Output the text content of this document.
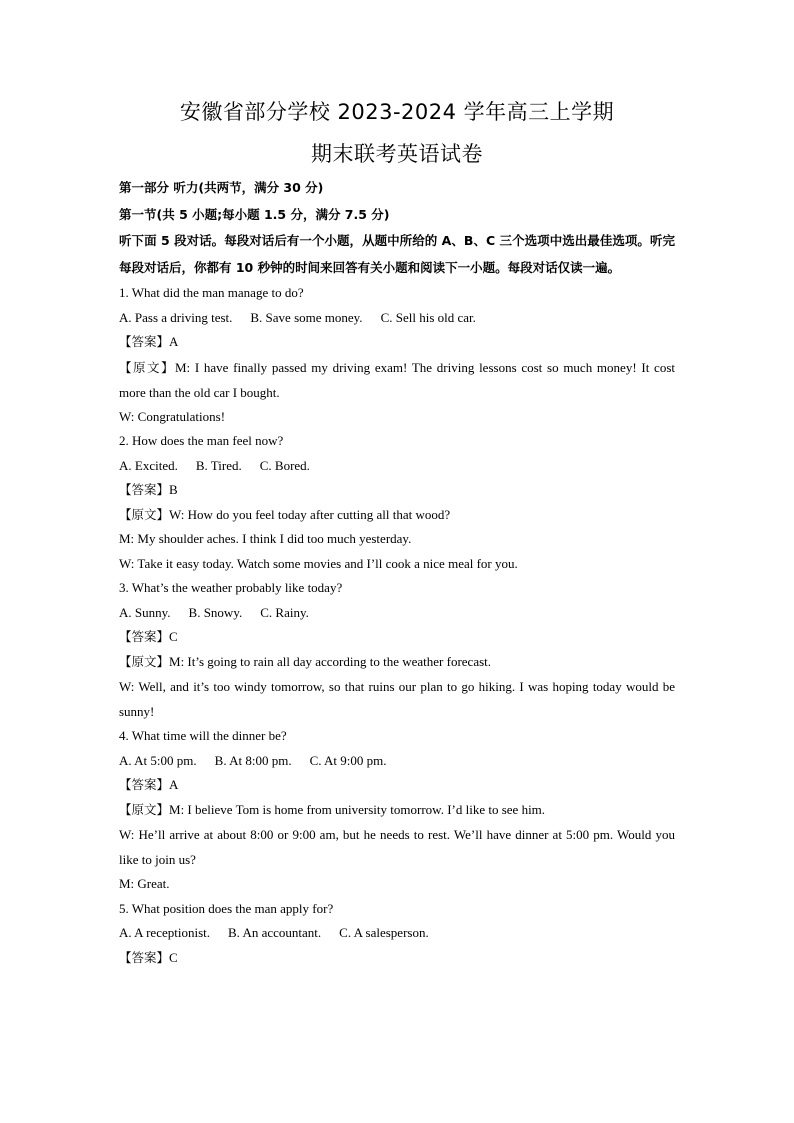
安徽省部分学校 2023-2024 学年高三上学期
期末联考英语试卷
第一部分 听力(共两节，满分 30 分)
第一节(共 5 小题;每小题 1.5 分，满分 7.5 分)
听下面 5 段对话。每段对话后有一个小题，从题中所给的 A、B、C 三个选项中选出最佳选项。听完每段对话后，你都有 10 秒钟的时间来回答有关小题和阅读下一小题。每段对话仅读一遍。
1. What did the man manage to do?
A. Pass a driving test. B. Save some money. C. Sell his old car.
【答案】A
【原文】M: I have finally passed my driving exam! The driving lessons cost so much money! It cost more than the old car I bought.
W: Congratulations!
2. How does the man feel now?
A. Excited. B. Tired. C. Bored.
【答案】B
【原文】W: How do you feel today after cutting all that wood?
M: My shoulder aches. I think I did too much yesterday.
W: Take it easy today. Watch some movies and I’ll cook a nice meal for you.
3. What’s the weather probably like today?
A. Sunny. B. Snowy. C. Rainy.
【答案】C
【原文】M: It’s going to rain all day according to the weather forecast.
W: Well, and it’s too windy tomorrow, so that ruins our plan to go hiking. I was hoping today would be sunny!
4. What time will the dinner be?
A. At 5:00 pm. B. At 8:00 pm. C. At 9:00 pm.
【答案】A
【原文】M: I believe Tom is home from university tomorrow. I’d like to see him.
W: He’ll arrive at about 8:00 or 9:00 am, but he needs to rest. We’ll have dinner at 5:00 pm. Would you like to join us?
M: Great.
5. What position does the man apply for?
A. A receptionist. B. An accountant. C. A salesperson.
【答案】C
